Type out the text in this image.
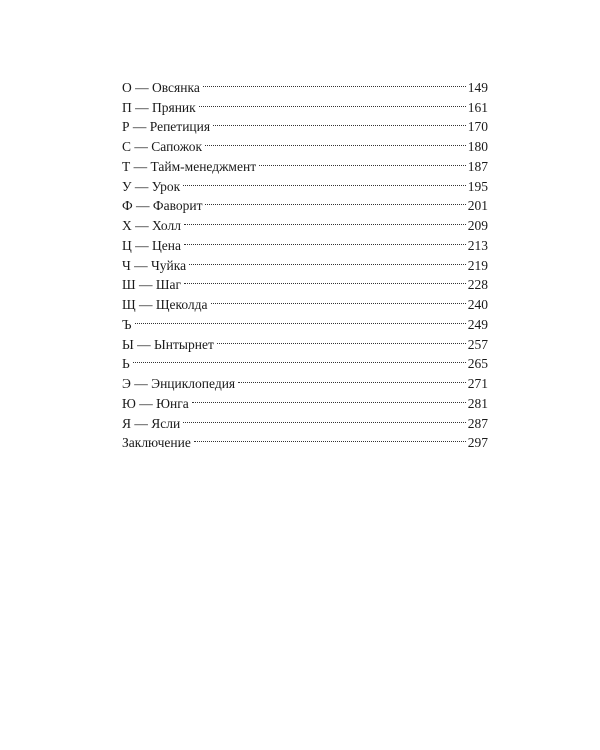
О — Овсянка	149
П — Пряник	161
Р — Репетиция	170
С — Сапожок	180
Т — Тайм-менеджмент	187
У — Урок	195
Ф — Фаворит	201
Х — Холл	209
Ц — Цена	213
Ч — Чуйка	219
Ш — Шаг	228
Щ — Щеколда	240
Ъ	249
Ы — Ынтырнет	257
Ь	265
Э — Энциклопедия	271
Ю — Юнга	281
Я — Ясли	287
Заключение	297
